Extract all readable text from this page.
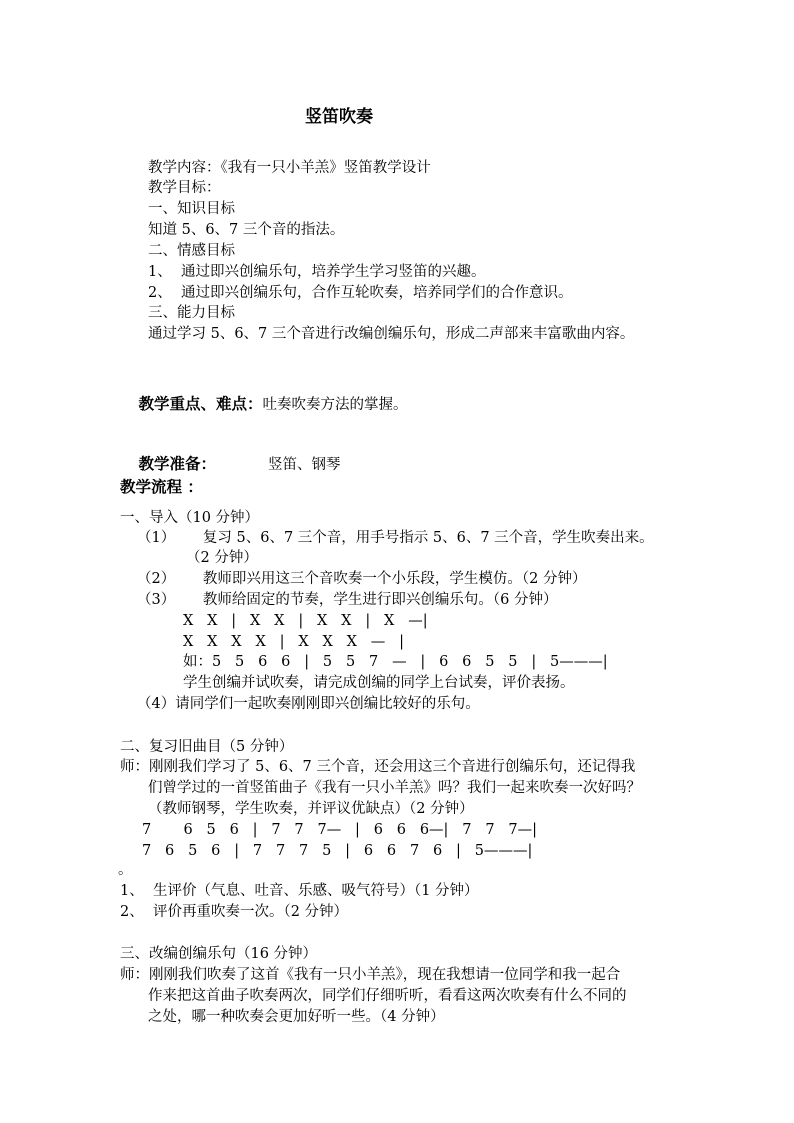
竖笛吹奏
教学内容：《我有一只小羊羔》竖笛教学设计
教学目标：
一、知识目标
知道 5、6、7 三个音的指法。
二、情感目标
1、  通过即兴创编乐句，培养学生学习竖笛的兴趣。
2、  通过即兴创编乐句，合作互轮吹奏，培养同学们的合作意识。
三、能力目标
通过学习 5、6、7 三个音进行改编创编乐句，形成二声部来丰富歌曲内容。

教学重点、难点：吐奏吹奏方法的掌握。

教学准备：	竖笛、钢琴

教学流程 ：
一、导入（10 分钟）
（1）      复习 5、6、7 三个音，用手号指示 5、6、7 三个音，学生吹奏出来。
（2 分钟）
（2）      教师即兴用这三个音吹奏一个小乐段，学生模仿。（2 分钟）
（3）      教师给固定的节奏，学生进行即兴创编乐句。（6 分钟）
X   X   |   X   X   |   X   X   |   X   —|
X   X   X   X   |   X   X   X   —   |
如：5   5   6   6   |   5   5   7   —   |   6   6   5   5   |   5———|
学生创编并试吹奏，请完成创编的同学上台试奏，评价表扬。
（4）请同学们一起吹奏刚刚即兴创编比较好的乐句。
二、复习旧曲目（5 分钟）
师：刚刚我们学习了 5、6、7 三个音，还会用这三个音进行创编乐句，还记得我
们曾学过的一首竖笛曲子《我有一只小羊羔》吗？我们一起来吹奏一次好吗？
（教师钢琴，学生吹奏，并评议优缺点）（2 分钟）
7       6   5   6   |   7   7   7—   |   6   6   6—|   7   7   7—|
7   6   5   6   |   7   7   7   5   |   6   6   7   6   |   5———|
。
1、  生评价（气息、吐音、乐感、吸气符号）（1 分钟）
2、  评价再重吹奏一次。（2 分钟）
三、改编创编乐句（16 分钟）
师：刚刚我们吹奏了这首《我有一只小羊羔》，现在我想请一位同学和我一起合
作来把这首曲子吹奏两次，同学们仔细听听，看看这两次吹奏有什么不同的
之处，哪一种吹奏会更加好听一些。（4 分钟）
